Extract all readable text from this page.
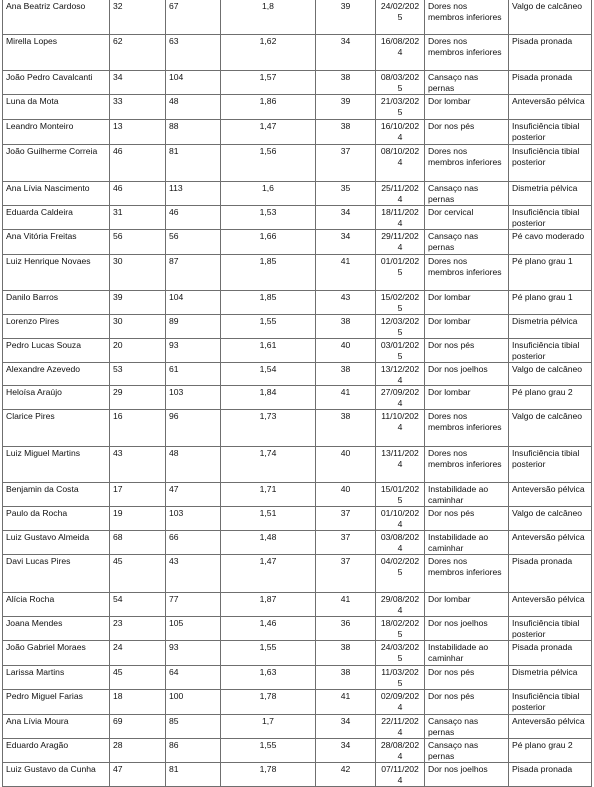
Ana Beatriz Cardoso	32	67	1,8	39	24/02/2025	Dores nos membros inferiores	Valgo de calcâneo
Mirella Lopes	62	63	1,62	34	16/08/2024	Dores nos membros inferiores	Pisada pronada
João Pedro Cavalcanti	34	104	1,57	38	08/03/2025	Cansaço nas pernas	Pisada pronada
Luna da Mota	33	48	1,86	39	21/03/2025	Dor lombar	Anteversão pélvica
Leandro Monteiro	13	88	1,47	38	16/10/2024	Dor nos pés	Insuficiência tibial posterior
João Guilherme Correia	46	81	1,56	37	08/10/2024	Dores nos membros inferiores	Insuficiência tibial posterior
Ana Lívia Nascimento	46	113	1,6	35	25/11/2024	Cansaço nas pernas	Dismetria pélvica
Eduarda Caldeira	31	46	1,53	34	18/11/2024	Dor cervical	Insuficiência tibial posterior
Ana Vitória Freitas	56	56	1,66	34	29/11/2024	Cansaço nas pernas	Pé cavo moderado
Luiz Henrique Novaes	30	87	1,85	41	01/01/2025	Dores nos membros inferiores	Pé plano grau 1
Danilo Barros	39	104	1,85	43	15/02/2025	Dor lombar	Pé plano grau 1
Lorenzo Pires	30	89	1,55	38	12/03/2025	Dor lombar	Dismetria pélvica
Pedro Lucas Souza	20	93	1,61	40	03/01/2025	Dor nos pés	Insuficiência tibial posterior
Alexandre Azevedo	53	61	1,54	38	13/12/2024	Dor nos joelhos	Valgo de calcâneo
Heloísa Araújo	29	103	1,84	41	27/09/2024	Dor lombar	Pé plano grau 2
Clarice Pires	16	96	1,73	38	11/10/2024	Dores nos membros inferiores	Valgo de calcâneo
Luiz Miguel Martins	43	48	1,74	40	13/11/2024	Dores nos membros inferiores	Insuficiência tibial posterior
Benjamin da Costa	17	47	1,71	40	15/01/2025	Instabilidade ao caminhar	Anteversão pélvica
Paulo da Rocha	19	103	1,51	37	01/10/2024	Dor nos pés	Valgo de calcâneo
Luiz Gustavo Almeida	68	66	1,48	37	03/08/2024	Instabilidade ao caminhar	Anteversão pélvica
Davi Lucas Pires	45	43	1,47	37	04/02/2025	Dores nos membros inferiores	Pisada pronada
Alícia Rocha	54	77	1,87	41	29/08/2024	Dor lombar	Anteversão pélvica
Joana Mendes	23	105	1,46	36	18/02/2025	Dor nos joelhos	Insuficiência tibial posterior
João Gabriel Moraes	24	93	1,55	38	24/03/2025	Instabilidade ao caminhar	Pisada pronada
Larissa Martins	45	64	1,63	38	11/03/2025	Dor nos pés	Dismetria pélvica
Pedro Miguel Farias	18	100	1,78	41	02/09/2024	Dor nos pés	Insuficiência tibial posterior
Ana Lívia Moura	69	85	1,7	34	22/11/2024	Cansaço nas pernas	Anteversão pélvica
Eduardo Aragão	28	86	1,55	34	28/08/2024	Cansaço nas pernas	Pé plano grau 2
Luiz Gustavo da Cunha	47	81	1,78	42	07/11/2024	Dor nos joelhos	Pisada pronada
